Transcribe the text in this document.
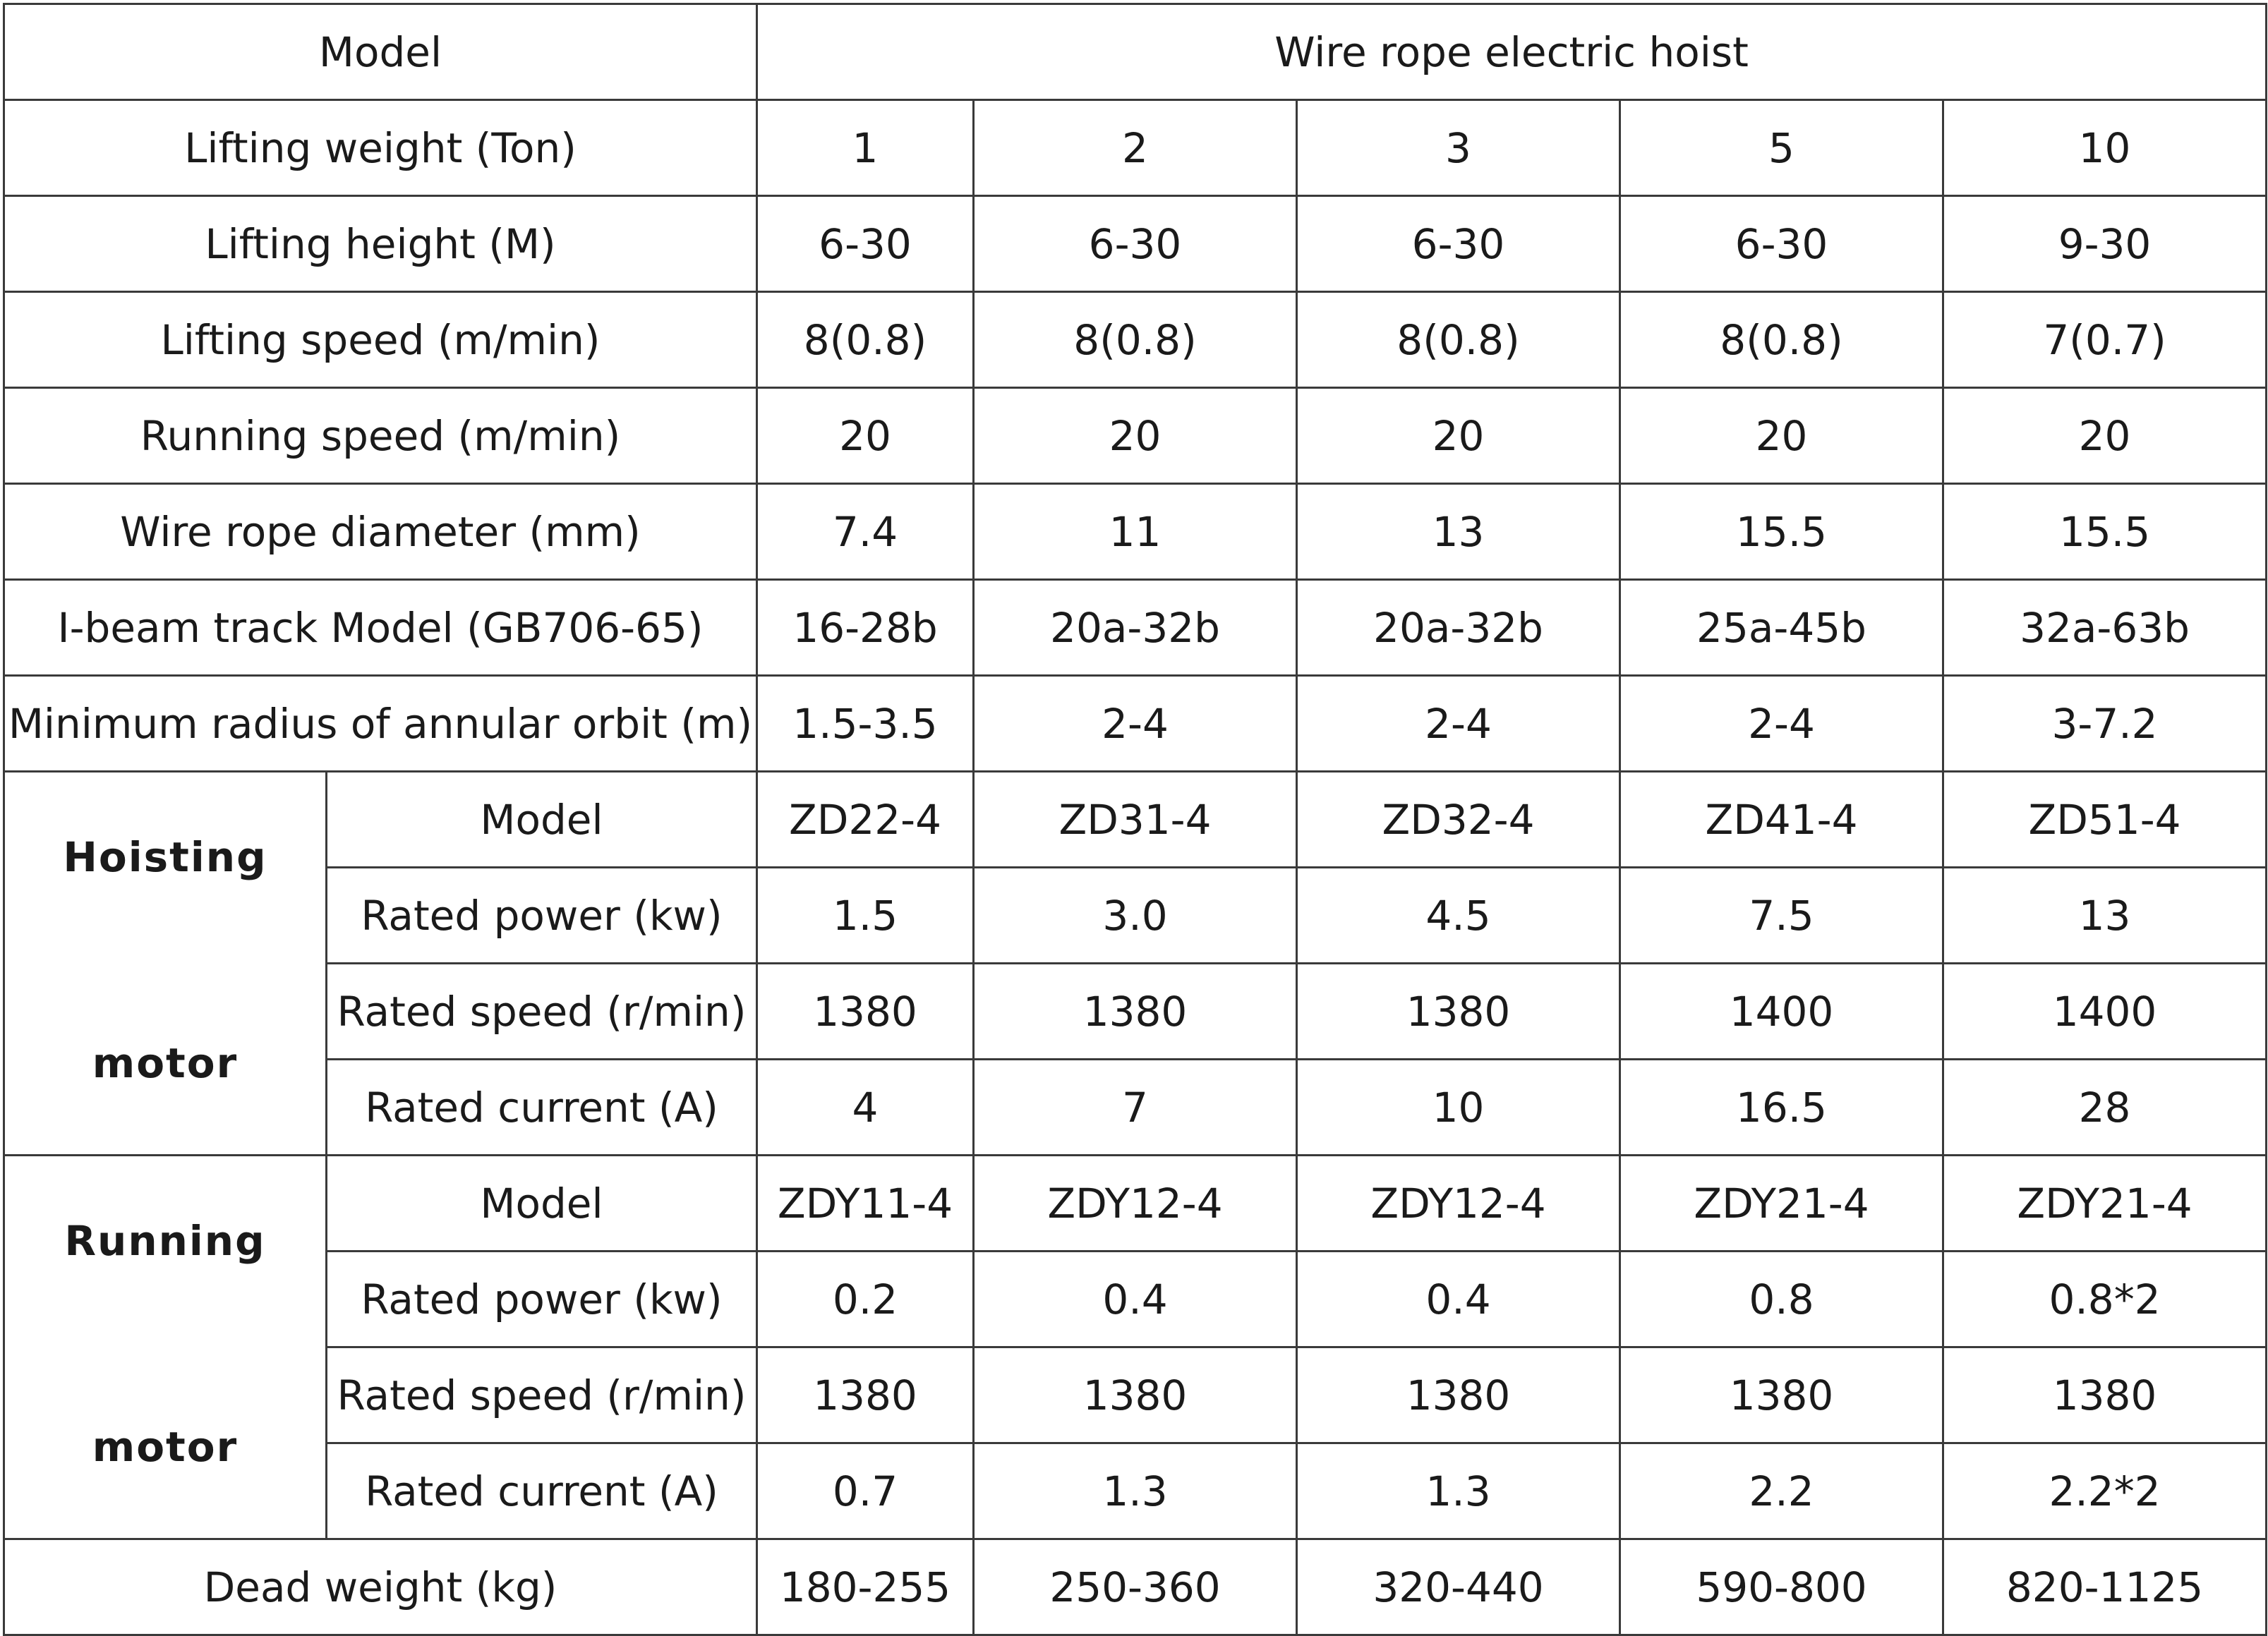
Model		Wire rope electric hoist				
Lifting weight (Ton)		1	2	3	5	10
Lifting height (M)		6-30	6-30	6-30	6-30	9-30
Lifting speed (m/min)		8(0.8)	8(0.8)	8(0.8)	8(0.8)	7(0.7)
Running speed (m/min)		20	20	20	20	20
Wire rope diameter (mm)		7.4	11	13	15.5	15.5
I-beam track Model (GB706-65)		16-28b	20a-32b	20a-32b	25a-45b	32a-63b
Minimum radius of annular orbit (m)		1.5-3.5	2-4	2-4	2-4	3-7.2

Hoisting
motor	Model	ZD22-4	ZD31-4	ZD32-4	ZD41-4	ZD51-4
	Rated power (kw)	1.5	3.0	4.5	7.5	13
	Rated speed (r/min)	1380	1380	1380	1400	1400
	Rated current (A)	4	7	10	16.5	28

Running
motor	Model	ZDY11-4	ZDY12-4	ZDY12-4	ZDY21-4	ZDY21-4
	Rated power (kw)	0.2	0.4	0.4	0.8	0.8*2
	Rated speed (r/min)	1380	1380	1380	1380	1380
	Rated current (A)	0.7	1.3	1.3	2.2	2.2*2
Dead weight (kg)		180-255	250-360	320-440	590-800	820-1125
